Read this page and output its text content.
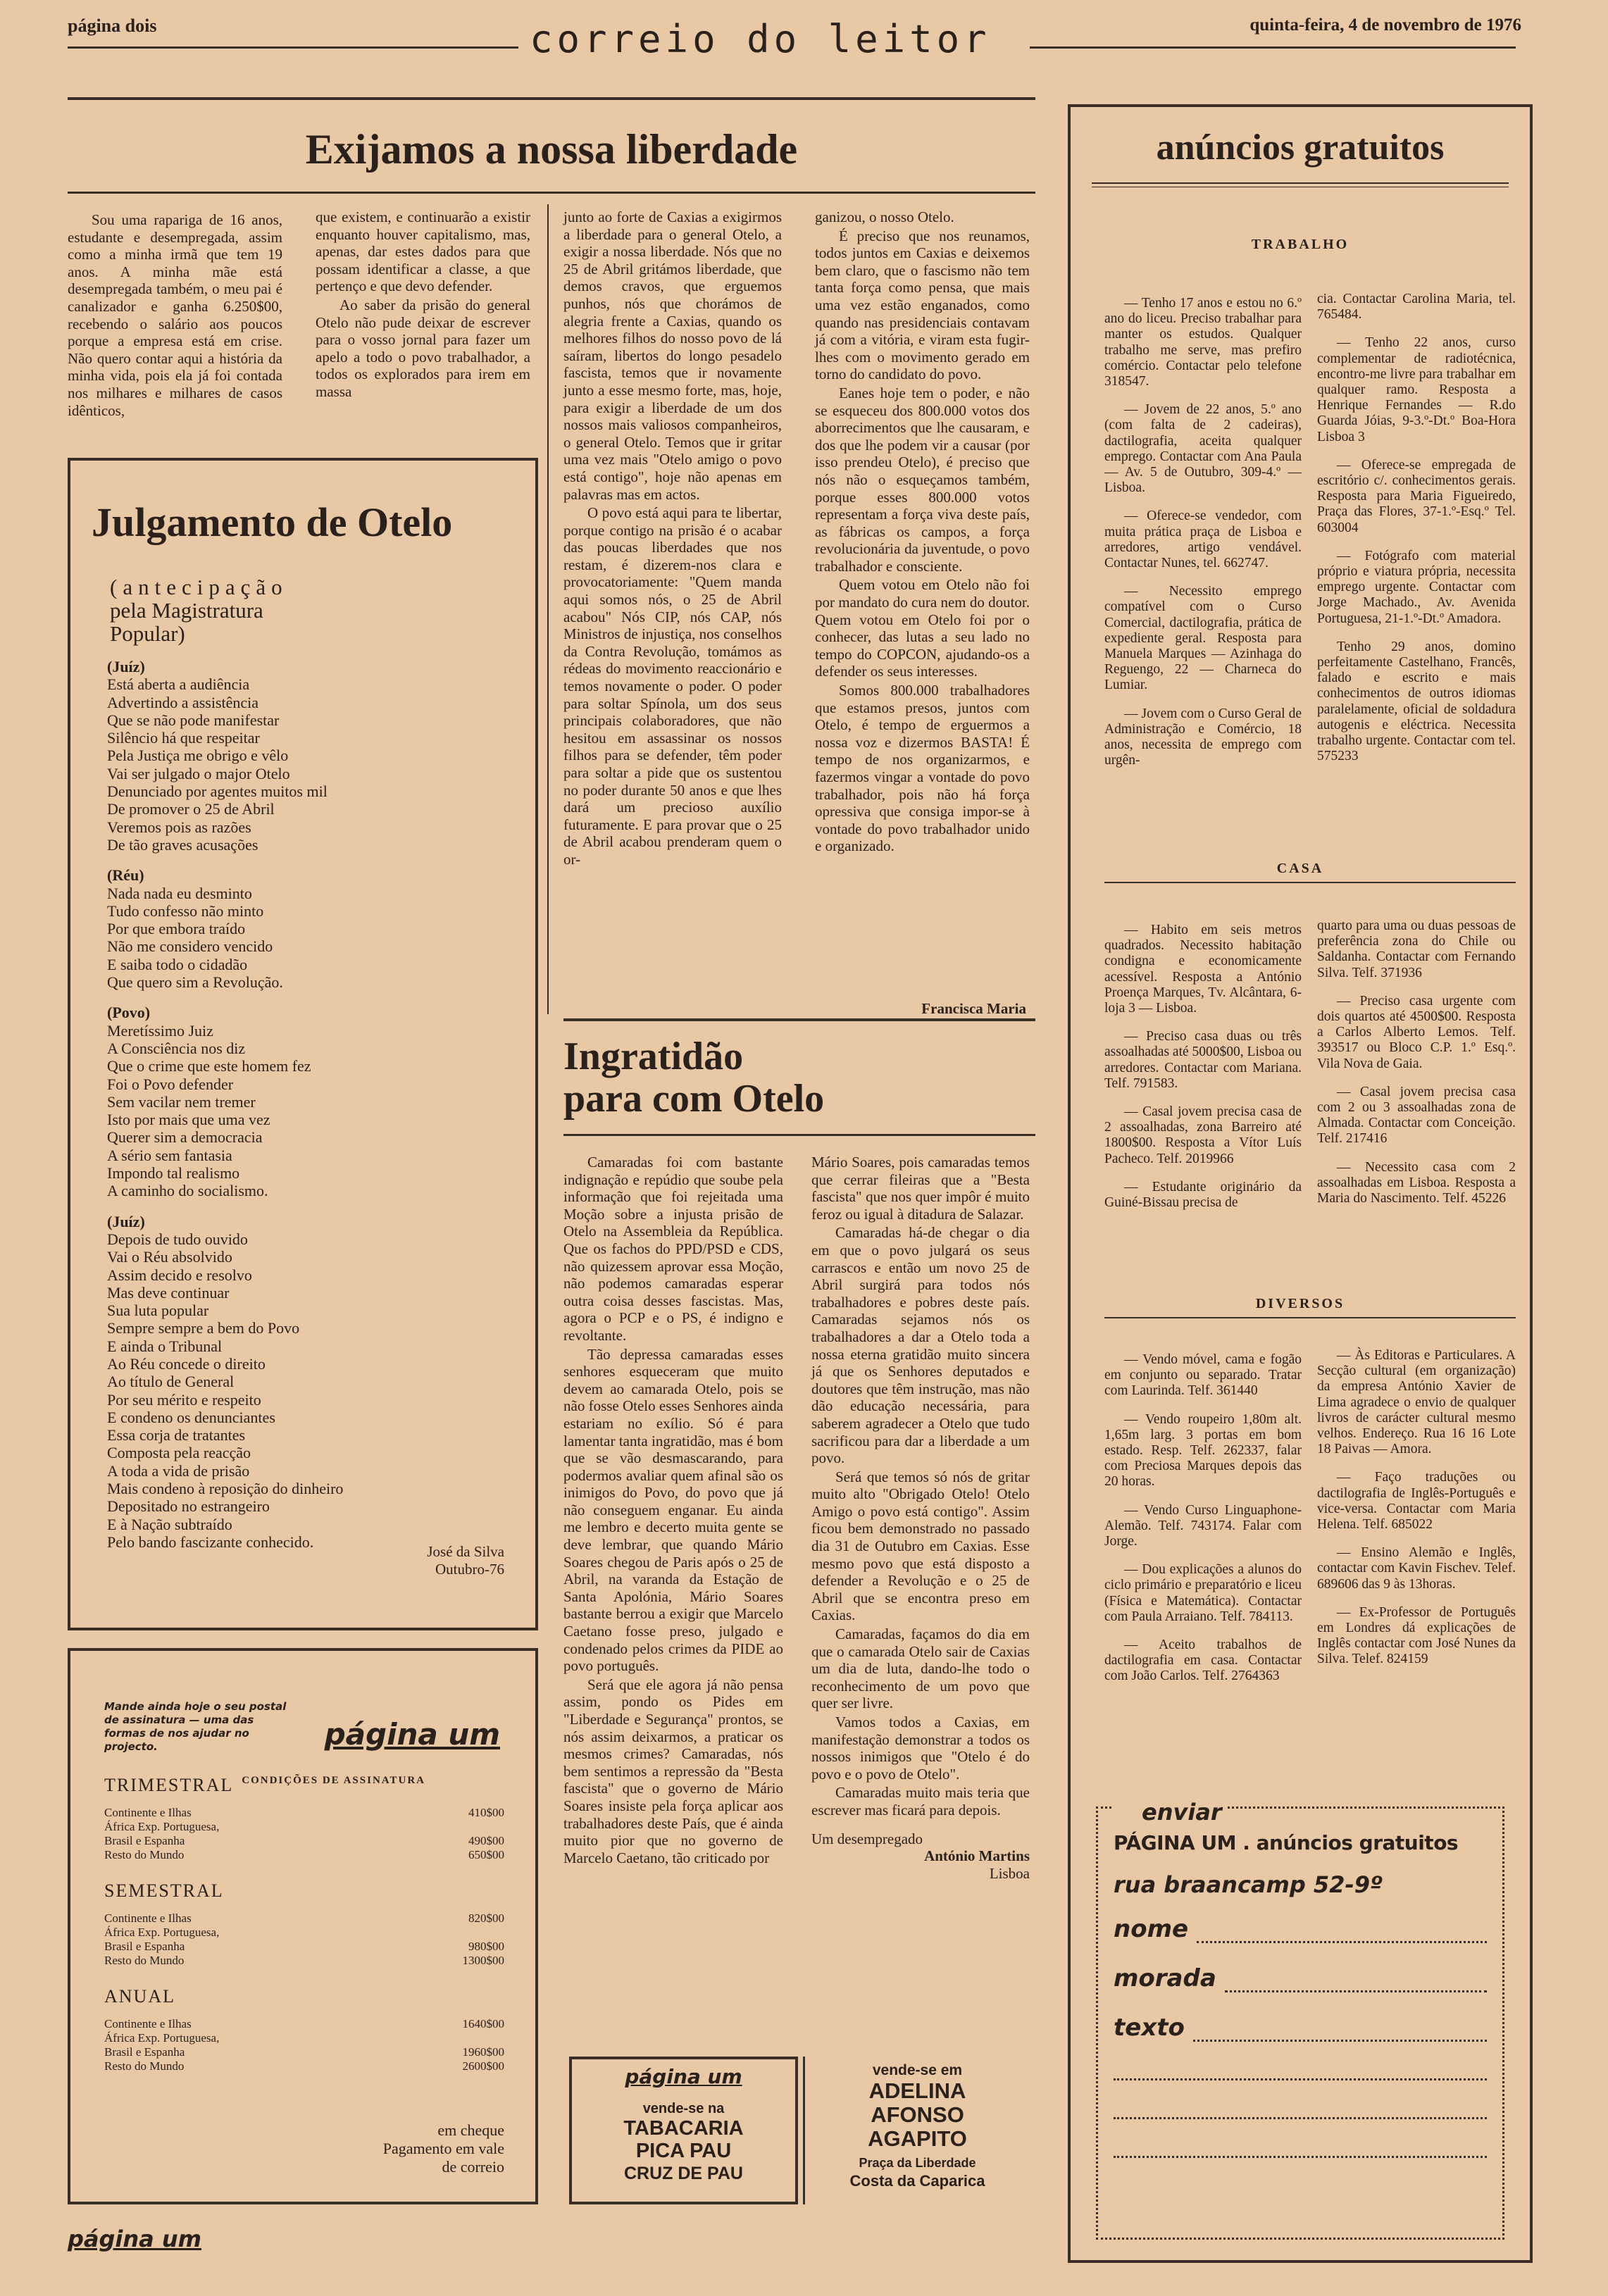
página dois	correio do leitor	quinta-feira, 4 de novembro de 1976
Exijamos a nossa liberdade

Sou uma rapariga de 16 anos, estudante e desempregada, assim como a minha irmã que tem 19 anos. A minha mãe está desempregada também, o meu pai é canalizador e ganha 6.250$00, recebendo o salário aos poucos porque a empresa está em crise. Não quero contar aqui a história da minha vida, pois ela já foi contada nos milhares e milhares de casos idênticos,

que existem, e continuarão a existir enquanto houver capitalismo, mas, apenas, dar estes dados para que possam identificar a classe, a que pertenço e que devo defender.

Ao saber da prisão do general Otelo não pude deixar de escrever para o vosso jornal para fazer um apelo a todo o povo trabalhador, a todos os explorados para irem em massa

junto ao forte de Caxias a exigirmos a liberdade para o general Otelo, a exigir a nossa liberdade. Nós que no 25 de Abril gritámos liberdade, que demos cravos, que erguemos punhos, nós que chorámos de alegria frente a Caxias, quando os melhores filhos do nosso povo de lá saíram, libertos do longo pesadelo fascista, temos que ir novamente junto a esse mesmo forte, mas, hoje, para exigir a liberdade de um dos nossos mais valiosos companheiros, o general Otelo. Temos que ir gritar uma vez mais "Otelo amigo o povo está contigo", hoje não apenas em palavras mas em actos.

O povo está aqui para te libertar, porque contigo na prisão é o acabar das poucas liberdades que nos restam, é dizerem-nos clara e provocatoriamente: "Quem manda aqui somos nós, o 25 de Abril acabou" Nós CIP, nós CAP, nós Ministros de injustiça, nos conselhos da Contra Revolução, tomámos as rédeas do movimento reaccionário e temos novamente o poder. O poder para soltar Spínola, um dos seus principais colaboradores, que não hesitou em assassinar os nossos filhos para se defender, têm poder para soltar a pide que os sustentou no poder durante 50 anos e que lhes dará um precioso auxílio futuramente. E para provar que o 25 de Abril acabou prenderam quem o or-

ganizou, o nosso Otelo.

É preciso que nos reunamos, todos juntos em Caxias e deixemos bem claro, que o fascismo não tem tanta força como pensa, que mais uma vez estão enganados, como quando nas presidenciais contavam já com a vitória, e viram esta fugir-lhes com o movimento gerado em torno do candidato do povo.

Eanes hoje tem o poder, e não se esqueceu dos 800.000 votos dos aborrecimentos que lhe causaram, e dos que lhe podem vir a causar (por isso prendeu Otelo), é preciso que nós não o esqueçamos também, porque esses 800.000 votos representam a força viva deste país, as fábricas os campos, a força revolucionária da juventude, o povo trabalhador e consciente.

Quem votou em Otelo não foi por mandato do cura nem do doutor. Quem votou em Otelo foi por o conhecer, das lutas a seu lado no tempo do COPCON, ajudando-os a defender os seus interesses.

Somos 800.000 trabalhadores que estamos presos, juntos com Otelo, é tempo de erguermos a nossa voz e dizermos BASTA! É tempo de nos organizarmos, e fazermos vingar a vontade do povo trabalhador, pois não há força opressiva que consiga impor-se à vontade do povo trabalhador unido e organizado.

Francisca Maria
Julgamento de Otelo
(antecipação
pela Magistratura
Popular)
(Juíz)
Está aberta a audiência
Advertindo a assistência
Que se não pode manifestar
Silêncio há que respeitar
Pela Justiça me obrigo e vêlo
Vai ser julgado o major Otelo
Denunciado por agentes muitos mil
De promover o 25 de Abril
Veremos pois as razões
De tão graves acusações
(Réu)
Nada nada eu desminto
Tudo confesso não minto
Por que embora traído
Não me considero vencido
E saiba todo o cidadão
Que quero sim a Revolução.
(Povo)
Meretíssimo Juiz
A Consciência nos diz
Que o crime que este homem fez
Foi o Povo defender
Sem vacilar nem tremer
Isto por mais que uma vez
Querer sim a democracia
A sério sem fantasia
Impondo tal realismo
A caminho do socialismo.
(Juíz)
Depois de tudo ouvido
Vai o Réu absolvido
Assim decido e resolvo
Mas deve continuar
Sua luta popular
Sempre sempre a bem do Povo
E ainda o Tribunal
Ao Réu concede o direito
Ao título de General
Por seu mérito e respeito
E condeno os denunciantes
Essa corja de tratantes
Composta pela reacção
A toda a vida de prisão
Mais condeno à reposição do dinheiro
Depositado no estrangeiro
E à Nação subtraído
Pelo bando fascizante conhecido.
José da Silva
Outubro-76
Mande ainda hoje o seu postal de assinatura — uma das formas de nos ajudar no projecto.	página um
TRIMESTRAL $^{CONDIÇÕES DE ASSINATURA}$
Continente e Ilhas	410$00
África Exp. Portuguesa,
Brasil e Espanha	490$00
Resto do Mundo	650$00
SEMESTRAL
Continente e Ilhas	820$00
África Exp. Portuguesa,
Brasil e Espanha	980$00
Resto do Mundo	1300$00
ANUAL
Continente e Ilhas	1640$00
África Exp. Portuguesa,
Brasil e Espanha	1960$00
Resto do Mundo	2600$00
em cheque
Pagamento em vale
de correio
página um
Ingratidão
para com Otelo

Camaradas foi com bastante indignação e repúdio que soube pela informação que foi rejeitada uma Moção sobre a injusta prisão de Otelo na Assembleia da República. Que os fachos do PPD/PSD e CDS, não quizessem aprovar essa Moção, não podemos camaradas esperar outra coisa desses fascistas. Mas, agora o PCP e o PS, é indigno e revoltante.

Tão depressa camaradas esses senhores esqueceram que muito devem ao camarada Otelo, pois se não fosse Otelo esses Senhores ainda estariam no exílio. Só é para lamentar tanta ingratidão, mas é bom que se vão desmascarando, para podermos avaliar quem afinal são os inimigos do Povo, do povo que já não conseguem enganar. Eu ainda me lembro e decerto muita gente se deve lembrar, que quando Mário Soares chegou de Paris após o 25 de Abril, na varanda da Estação de Santa Apolónia, Mário Soares bastante berrou a exigir que Marcelo Caetano fosse preso, julgado e condenado pelos crimes da PIDE ao povo português.

Será que ele agora já não pensa assim, pondo os Pides em "Liberdade e Segurança" prontos, se nós assim deixarmos, a praticar os mesmos crimes? Camaradas, nós bem sentimos a repressão da "Besta fascista" que o governo de Mário Soares insiste pela força aplicar aos trabalhadores deste País, que é ainda muito pior que no governo de Marcelo Caetano, tão criticado por

Mário Soares, pois camaradas temos que cerrar fileiras que a "Besta fascista" que nos quer impôr é muito feroz ou igual à ditadura de Salazar.

Camaradas há-de chegar o dia em que o povo julgará os seus carrascos e então um novo 25 de Abril surgirá para todos nós trabalhadores e pobres deste país. Camaradas sejamos nós os trabalhadores a dar a Otelo toda a nossa eterna gratidão muito sincera já que os Senhores deputados e doutores que têm instrução, mas não dão educação necessária, para saberem agradecer a Otelo que tudo sacrificou para dar a liberdade a um povo.

Será que temos só nós de gritar muito alto "Obrigado Otelo! Otelo Amigo o povo está contigo". Assim ficou bem demonstrado no passado dia 31 de Outubro em Caxias. Esse mesmo povo que está disposto a defender a Revolução e o 25 de Abril que se encontra preso em Caxias.

Camaradas, façamos do dia em que o camarada Otelo sair de Caxias um dia de luta, dando-lhe todo o reconhecimento de um povo que quer ser livre.

Vamos todos a Caxias, em manifestação demonstrar a todos os nossos inimigos que "Otelo é do povo e o povo de Otelo".

Camaradas muito mais teria que escrever mas ficará para depois.

Um desempregado
António Martins
Lisboa
página um
vende-se na
TABACARIA
PICA PAU
CRUZ DE PAU
vende-se em
ADELINA
AFONSO
AGAPITO
Praça da Liberdade
Costa da Caparica
anúncios gratuitos
TRABALHO

— Tenho 17 anos e estou no 6.º ano do liceu. Preciso trabalhar para manter os estudos. Qualquer trabalho me serve, mas prefiro comércio. Contactar pelo telefone 318547.

— Jovem de 22 anos, 5.º ano (com falta de 2 cadeiras), dactilografia, aceita qualquer emprego. Contactar com Ana Paula — Av. 5 de Outubro, 309-4.º — Lisboa.

— Oferece-se vendedor, com muita prática praça de Lisboa e arredores, artigo vendável. Contactar Nunes, tel. 662747.

— Necessito emprego compatível com o Curso Comercial, dactilografia, prática de expediente geral. Resposta para Manuela Marques — Azinhaga do Reguengo, 22 — Charneca do Lumiar.

— Jovem com o Curso Geral de Administração e Comércio, 18 anos, necessita de emprego com urgên-

cia. Contactar Carolina Maria, tel. 765484.

— Tenho 22 anos, curso complementar de radiotécnica, encontro-me livre para trabalhar em qualquer ramo. Resposta a Henrique Fernandes — R.do Guarda Jóias, 9-3.º-Dt.º Boa-Hora Lisboa 3

— Oferece-se empregada de escritório c/. conhecimentos gerais. Resposta para Maria Figueiredo, Praça das Flores, 37-1.º-Esq.º Tel. 603004

— Fotógrafo com material próprio e viatura própria, necessita emprego urgente. Contactar com Jorge Machado., Av. Avenida Portuguesa, 21-1.º-Dt.º Amadora.

Tenho 29 anos, domino perfeitamente Castelhano, Francês, falado e escrito e mais conhecimentos de outros idiomas paralelamente, oficial de soldadura autogenis e eléctrica. Necessita trabalho urgente. Contactar com tel. 575233

CASA

— Habito em seis metros quadrados. Necessito habitação condigna e economicamente acessível. Resposta a António Proença Marques, Tv. Alcântara, 6-loja 3 — Lisboa.

— Preciso casa duas ou três assoalhadas até 5000$00, Lisboa ou arredores. Contactar com Mariana. Telf. 791583.

— Casal jovem precisa casa de 2 assoalhadas, zona Barreiro até 1800$00. Resposta a Vítor Luís Pacheco. Telf. 2019966

— Estudante originário da Guiné-Bissau precisa de

quarto para uma ou duas pessoas de preferência zona do Chile ou Saldanha. Contactar com Fernando Silva. Telf. 371936

— Preciso casa urgente com dois quartos até 4500$00. Resposta a Carlos Alberto Lemos. Telf. 393517 ou Bloco C.P. 1.º Esq.º. Vila Nova de Gaia.

— Casal jovem precisa casa com 2 ou 3 assoalhadas zona de Almada. Contactar com Conceição. Telf. 217416

— Necessito casa com 2 assoalhadas em Lisboa. Resposta a Maria do Nascimento. Telf. 45226

DIVERSOS

— Vendo móvel, cama e fogão em conjunto ou separado. Tratar com Laurinda. Telf. 361440

— Vendo roupeiro 1,80m alt. 1,65m larg. 3 portas em bom estado. Resp. Telf. 262337, falar com Preciosa Marques depois das 20 horas.

— Vendo Curso Linguaphone-Alemão. Telf. 743174. Falar com Jorge.

— Dou explicações a alunos do ciclo primário e preparatório e liceu (Física e Matemática). Contactar com Paula Arraiano. Telf. 784113.

— Aceito trabalhos de dactilografia em casa. Contactar com João Carlos. Telf. 2764363

— Às Editoras e Particulares. A Secção cultural (em organização) da empresa António Xavier de Lima agradece o envio de qualquer livros de carácter cultural mesmo velhos. Endereço. Rua 16 16 Lote 18 Paivas — Amora.

— Faço traduções ou dactilografia de Inglês-Português e vice-versa. Contactar com Maria Helena. Telf. 685022

— Ensino Alemão e Inglês, contactar com Kavin Fischev. Telef. 689606 das 9 às 13horas.

— Ex-Professor de Português em Londres dá explicações de Inglês contactar com José Nunes da Silva. Telef. 824159

enviar
PÁGINA UM . anúncios gratuitos
rua braancamp 52-9º
nome
morada
texto
